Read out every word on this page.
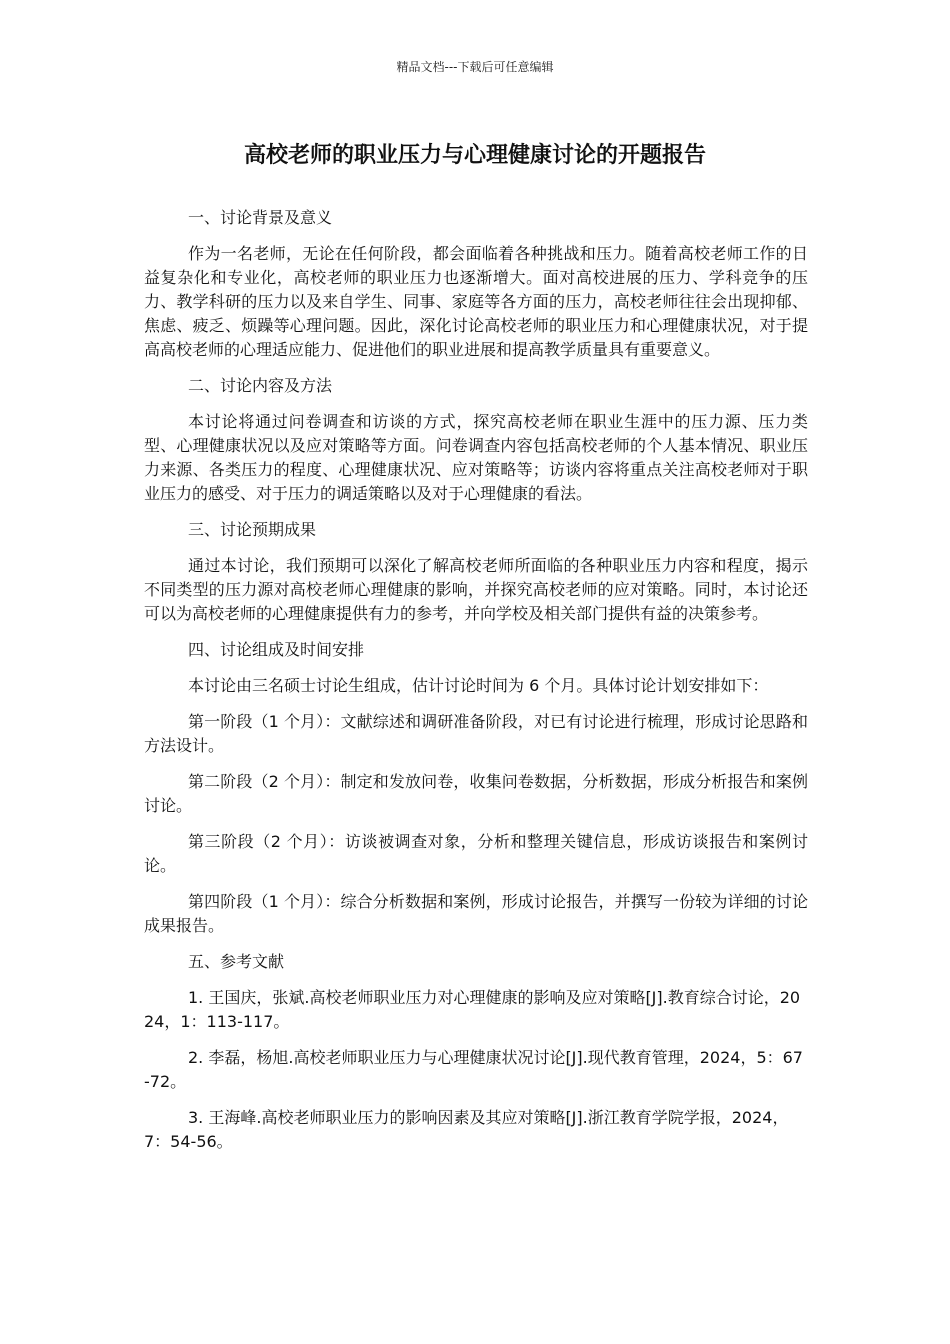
精品文档---下载后可任意编辑
高校老师的职业压力与心理健康讨论的开题报告

一、讨论背景及意义

作为一名老师，无论在任何阶段，都会面临着各种挑战和压力。随着高校老师工作的日益复杂化和专业化，高校老师的职业压力也逐渐增大。面对高校进展的压力、学科竞争的压力、教学科研的压力以及来自学生、同事、家庭等各方面的压力，高校老师往往会出现抑郁、焦虑、疲乏、烦躁等心理问题。因此，深化讨论高校老师的职业压力和心理健康状况，对于提高高校老师的心理适应能力、促进他们的职业进展和提高教学质量具有重要意义。

二、讨论内容及方法

本讨论将通过问卷调查和访谈的方式，探究高校老师在职业生涯中的压力源、压力类型、心理健康状况以及应对策略等方面。问卷调查内容包括高校老师的个人基本情况、职业压力来源、各类压力的程度、心理健康状况、应对策略等；访谈内容将重点关注高校老师对于职业压力的感受、对于压力的调适策略以及对于心理健康的看法。

三、讨论预期成果

通过本讨论，我们预期可以深化了解高校老师所面临的各种职业压力内容和程度，揭示不同类型的压力源对高校老师心理健康的影响，并探究高校老师的应对策略。同时，本讨论还可以为高校老师的心理健康提供有力的参考，并向学校及相关部门提供有益的决策参考。

四、讨论组成及时间安排

本讨论由三名硕士讨论生组成，估计讨论时间为 6 个月。具体讨论计划安排如下：

第一阶段（1 个月）：文献综述和调研准备阶段，对已有讨论进行梳理，形成讨论思路和方法设计。

第二阶段（2 个月）：制定和发放问卷，收集问卷数据，分析数据，形成分析报告和案例讨论。

第三阶段（2 个月）：访谈被调查对象，分析和整理关键信息，形成访谈报告和案例讨论。

第四阶段（1 个月）：综合分析数据和案例，形成讨论报告，并撰写一份较为详细的讨论成果报告。

五、参考文献

1. 王国庆，张斌.高校老师职业压力对心理健康的影响及应对策略[J].教育综合讨论，2024，1：113-117。

2. 李磊，杨旭.高校老师职业压力与心理健康状况讨论[J].现代教育管理，2024，5：67-72。

3. 王海峰.高校老师职业压力的影响因素及其应对策略[J].浙江教育学院学报，2024，7：54-56。
